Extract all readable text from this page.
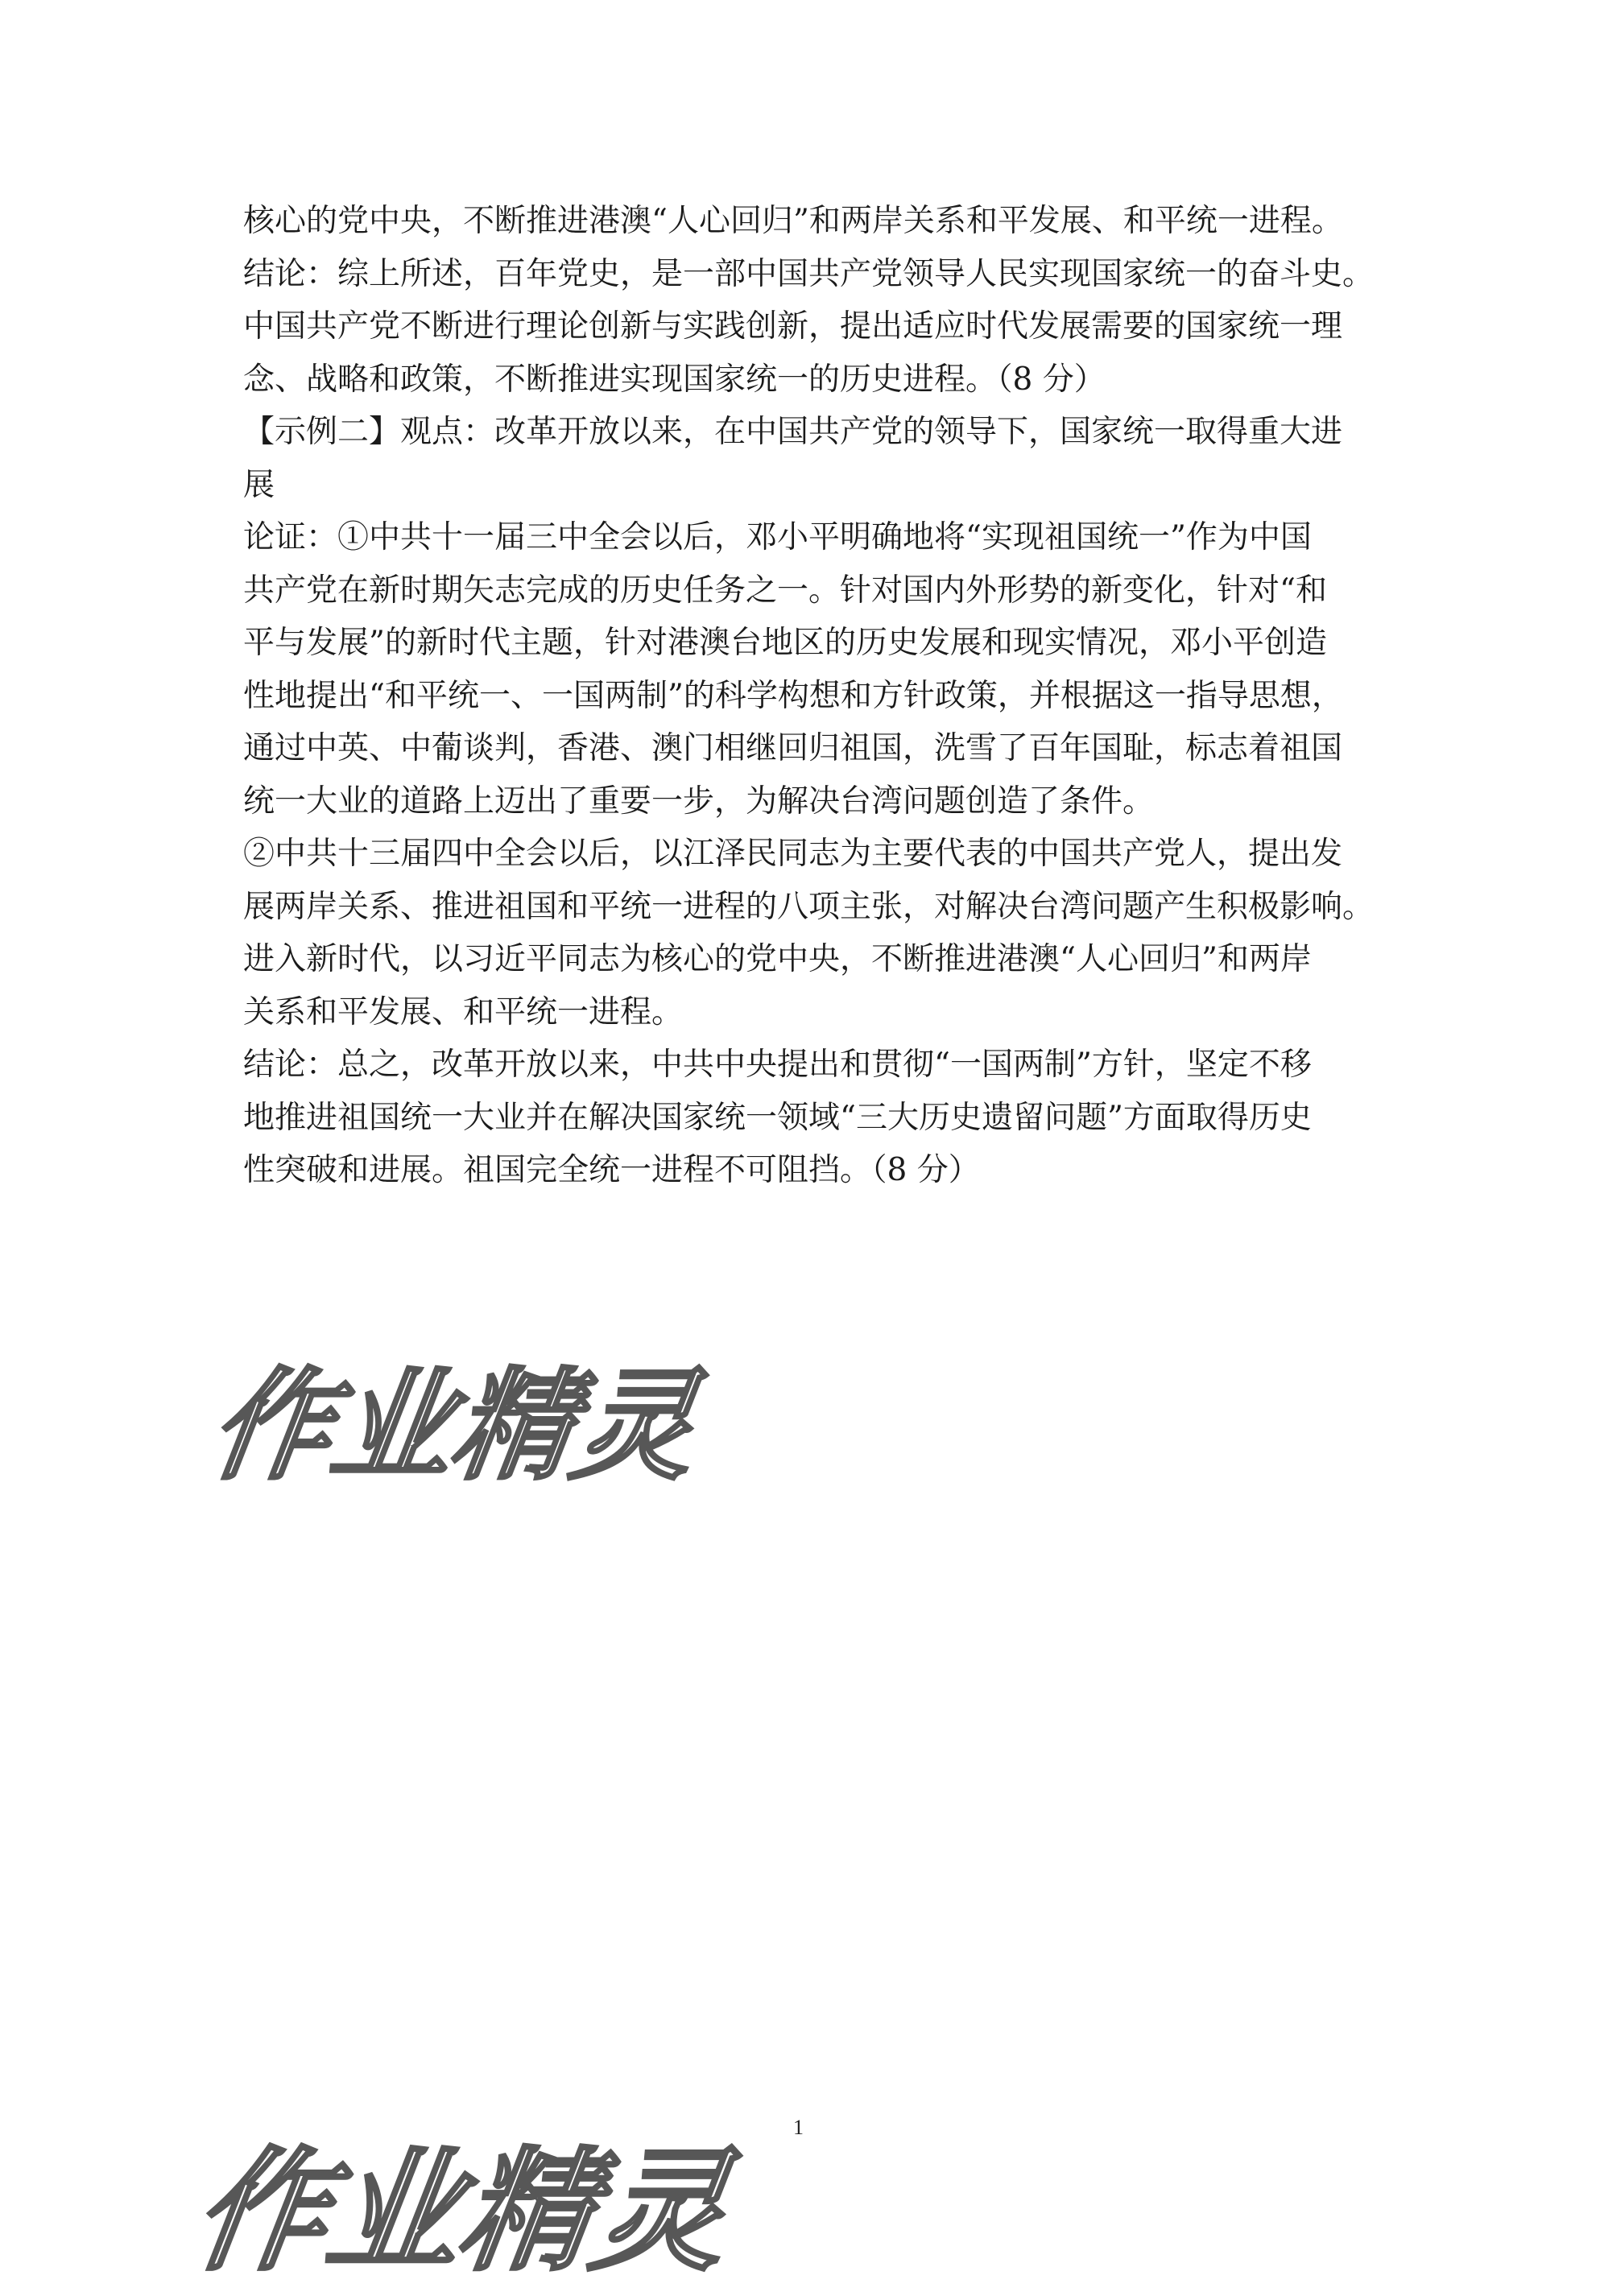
核心的党中央，不断推进港澳“人心回归”和两岸关系和平发展、和平统一进程。
结论：综上所述，百年党史，是一部中国共产党领导人民实现国家统一的奋斗史。
中国共产党不断进行理论创新与实践创新，提出适应时代发展需要的国家统一理
念、战略和政策，不断推进实现国家统一的历史进程。（8 分）
【示例二】观点：改革开放以来，在中国共产党的领导下，国家统一取得重大进
展
论证：①中共十一届三中全会以后，邓小平明确地将“实现祖国统一”作为中国
共产党在新时期矢志完成的历史任务之一。针对国内外形势的新变化，针对“和
平与发展”的新时代主题，针对港澳台地区的历史发展和现实情况，邓小平创造
性地提出“和平统一、一国两制”的科学构想和方针政策，并根据这一指导思想，
通过中英、中葡谈判，香港、澳门相继回归祖国，洗雪了百年国耻，标志着祖国
统一大业的道路上迈出了重要一步，为解决台湾问题创造了条件。
②中共十三届四中全会以后，以江泽民同志为主要代表的中国共产党人，提出发
展两岸关系、推进祖国和平统一进程的八项主张，对解决台湾问题产生积极影响。
进入新时代，以习近平同志为核心的党中央，不断推进港澳“人心回归”和两岸
关系和平发展、和平统一进程。
结论：总之，改革开放以来，中共中央提出和贯彻“一国两制”方针，坚定不移
地推进祖国统一大业并在解决国家统一领域“三大历史遗留问题”方面取得历史
性突破和进展。祖国完全统一进程不可阻挡。（8 分）
作业精灵
1
作业精灵
